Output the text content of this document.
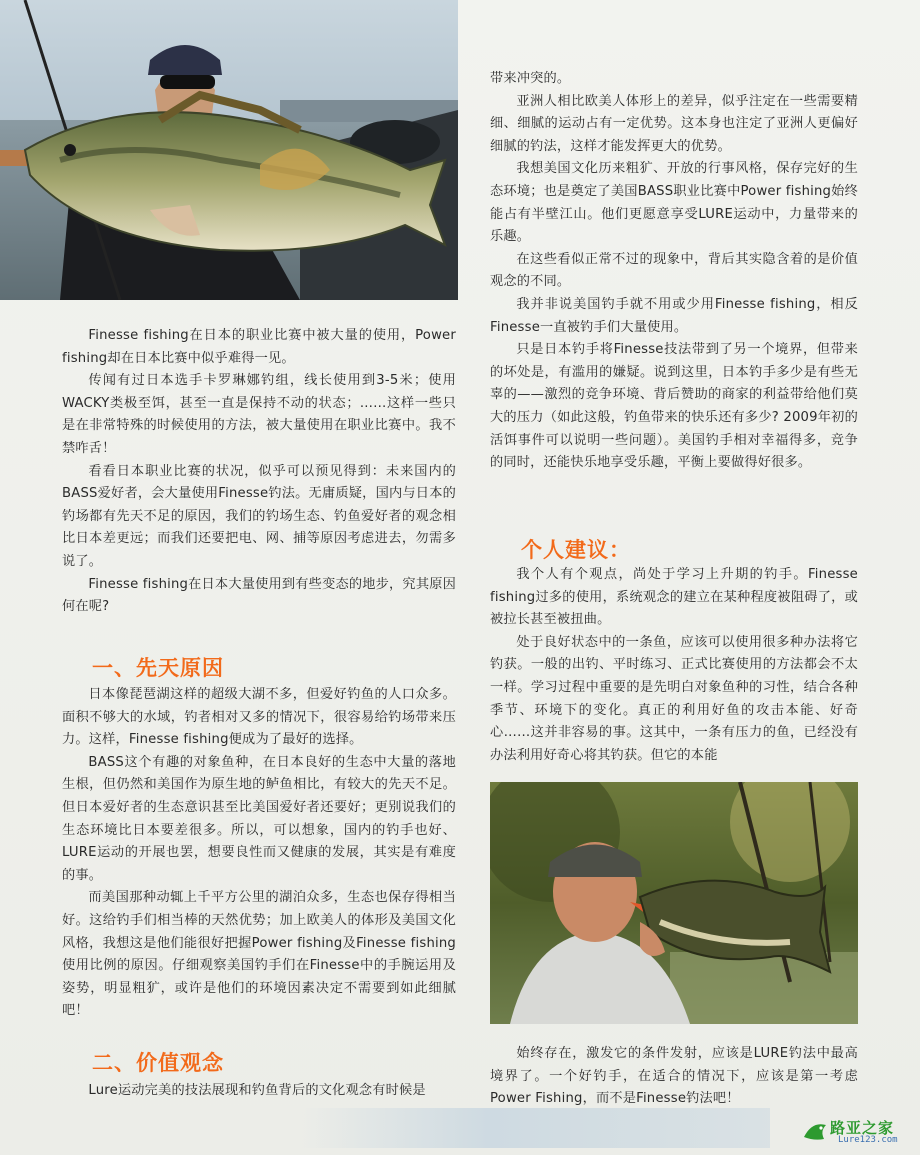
Finesse fishing在日本的职业比赛中被大量的使用，Power fishing却在日本比赛中似乎难得一见。

传闻有过日本选手卡罗琳娜钓组，线长使用到3-5米；使用WACKY类极至饵，甚至一直是保持不动的状态；……这样一些只是在非常特殊的时候使用的方法，被大量使用在职业比赛中。我不禁咋舌！

看看日本职业比赛的状况，似乎可以预见得到：未来国内的BASS爱好者，会大量使用Finesse钓法。无庸质疑，国内与日本的钓场都有先天不足的原因，我们的钓场生态、钓鱼爱好者的观念相比日本差更远；而我们还要把电、网、捕等原因考虑进去，勿需多说了。

Finesse fishing在日本大量使用到有些变态的地步，究其原因何在呢?

一、先天原因

日本像琵琶湖这样的超级大湖不多，但爱好钓鱼的人口众多。面积不够大的水域，钓者相对又多的情况下，很容易给钓场带来压力。这样，Finesse fishing便成为了最好的选择。

BASS这个有趣的对象鱼种，在日本良好的生态中大量的落地生根，但仍然和美国作为原生地的鲈鱼相比，有较大的先天不足。但日本爱好者的生态意识甚至比美国爱好者还要好；更别说我们的生态环境比日本要差很多。所以，可以想象，国内的钓手也好、LURE运动的开展也罢，想要良性而又健康的发展，其实是有难度的事。

而美国那种动辄上千平方公里的湖泊众多，生态也保存得相当好。这给钓手们相当棒的天然优势；加上欧美人的体形及美国文化风格，我想这是他们能很好把握Power fishing及Finesse fishing使用比例的原因。仔细观察美国钓手们在Finesse中的手腕运用及姿势，明显粗犷，或许是他们的环境因素决定不需要到如此细腻吧！

二、价值观念

Lure运动完美的技法展现和钓鱼背后的文化观念有时候是

带来冲突的。

亚洲人相比欧美人体形上的差异，似乎注定在一些需要精细、细腻的运动占有一定优势。这本身也注定了亚洲人更偏好细腻的钓法，这样才能发挥更大的优势。

我想美国文化历来粗犷、开放的行事风格，保存完好的生态环境；也是奠定了美国BASS职业比赛中Power fishing始终能占有半壁江山。他们更愿意享受LURE运动中，力量带来的乐趣。

在这些看似正常不过的现象中，背后其实隐含着的是价值观念的不同。

我并非说美国钓手就不用或少用Finesse fishing，相反Finesse一直被钓手们大量使用。

只是日本钓手将Finesse技法带到了另一个境界，但带来的坏处是，有滥用的嫌疑。说到这里，日本钓手多少是有些无辜的——激烈的竞争环境、背后赞助的商家的利益带给他们莫大的压力（如此这般，钓鱼带来的快乐还有多少? 2009年初的活饵事件可以说明一些问题）。美国钓手相对幸福得多，竞争的同时，还能快乐地享受乐趣，平衡上要做得好很多。

个人建议：

我个人有个观点，尚处于学习上升期的钓手。Finesse fishing过多的使用，系统观念的建立在某种程度被阻碍了，或被拉长甚至被扭曲。

处于良好状态中的一条鱼，应该可以使用很多种办法将它钓获。一般的出钓、平时练习、正式比赛使用的方法都会不太一样。学习过程中重要的是先明白对象鱼种的习性，结合各种季节、环境下的变化。真正的利用好鱼的攻击本能、好奇心……这并非容易的事。这其中，一条有压力的鱼，已经没有办法利用好奇心将其钓获。但它的本能

始终存在，激发它的条件发射，应该是LURE钓法中最高境界了。一个好钓手，在适合的情况下，应该是第一考虑Power Fishing，而不是Finesse钓法吧！

路亚之家
Lure123.com
